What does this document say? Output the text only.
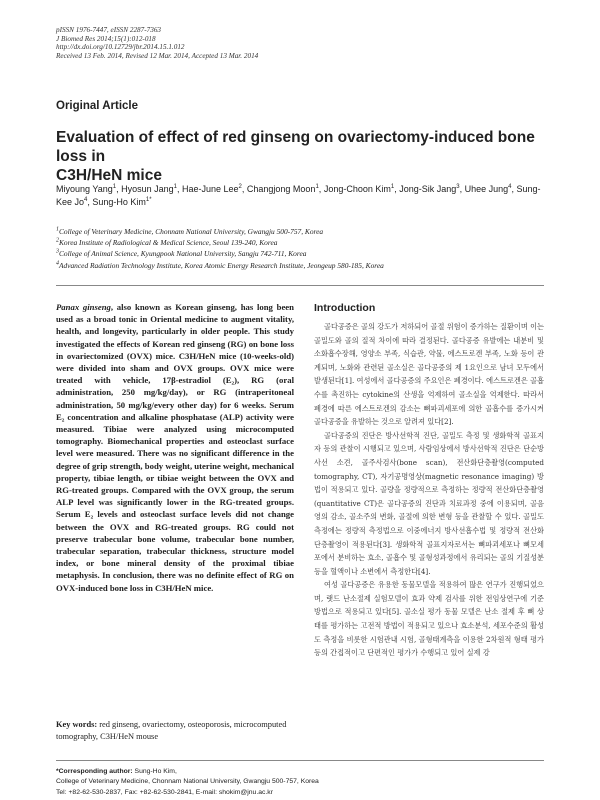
pISSN 1976-7447, eISSN 2287-7363
J Biomed Res 2014;15(1):012-018
http://dx.doi.org/10.12729/jbr.2014.15.1.012
Received 13 Feb. 2014, Revised 12 Mar. 2014, Accepted 13 Mar. 2014
Original Article
Evaluation of effect of red ginseng on ovariectomy-induced bone loss in
C3H/HeN mice
Miyoung Yang$^1$, Hyosun Jang$^1$, Hae-June Lee$^2$, Changjong Moon$^1$, Jong-Choon Kim$^1$, Jong-Sik Jang$^3$, Uhee Jung$^4$, Sung-Kee Jo$^4$, Sung-Ho Kim$^{1*}$
$^1$College of Veterinary Medicine, Chonnam National University, Gwangju 500-757, Korea
$^2$Korea Institute of Radiological & Medical Science, Seoul 139-240, Korea
$^3$College of Animal Science, Kyungpook National University, Sangju 742-711, Korea
$^4$Advanced Radiation Technology Institute, Korea Atomic Energy Research Institute, Jeongeup 580-185, Korea
Panax ginseng, also known as Korean ginseng, has long been used as a broad tonic in Oriental medicine to augment vitality, health, and longevity, particularly in older people. This study investigated the effects of Korean red ginseng (RG) on bone loss in ovariectomized (OVX) mice. C3H/HeN mice (10-weeks-old) were divided into sham and OVX groups. OVX mice were treated with vehicle, 17β-estradiol (E₂), RG (oral administration, 250 mg/kg/day), or RG (intraperitoneal administration, 50 mg/kg/every other day) for 6 weeks. Serum E₂ concentration and alkaline phosphatase (ALP) activity were measured. Tibiae were analyzed using microcomputed tomography. Biomechanical properties and osteoclast surface level were measured. There was no significant difference in the degree of grip strength, body weight, uterine weight, mechanical property, tibiae length, or tibiae weight between the OVX and RG-treated groups. Compared with the OVX group, the serum ALP level was significantly lower in the RG-treated groups. Serum E₂ levels and osteoclast surface levels did not change between the OVX and RG-treated groups. RG could not preserve trabecular bone volume, trabecular bone number, trabecular separation, trabecular thickness, structure model index, or bone mineral density of the proximal tibiae metaphysis. In conclusion, there was no definite effect of RG on OVX-induced bone loss in C3H/HeN mice.
Key words: red ginseng, ovariectomy, osteoporosis, microcomputed tomography, C3H/HeN mouse
Introduction

골다공증은 골의 강도가 저하되어 골절 위험이 증가하는 질환이며 이는 골밀도와 골의 질적 차이에 따라 결정된다. 골다공증 유발에는 내분비 및 소화흡수장해, 영양소 부족, 식습관, 약물, 에스트로겐 부족, 노화 등이 관계되며, 노화와 관련된 골소실은 골다공증의 제 1요인으로 남녀 모두에서 발생된다[1]. 여성에서 골다공증의 주요인은 폐경이다. 에스트로겐은 골흡수를 촉진하는 cytokine의 산생을 억제하여 골소실을 억제한다. 따라서 폐경에 따른 에스트로겐의 감소는 뼈파괴세포에 의한 골흡수를 증가시켜 골다공증을 유발하는 것으로 알려져 있다[2].

골다공증의 진단은 방사선학적 진단, 골밀도 측정 및 생화학적 골표지자 등의 관찰이 시행되고 있으며, 사람임상에서 방사선학적 진단은 단순방사선 소견, 골주사검사(bone scan), 전산화단층촬영(computed tomography, CT), 자기공명영상(magnetic resonance imaging) 방법이 적용되고 있다. 골량을 정량적으로 측정하는 정량적 전산화단층촬영(quantitative CT)은 골다공증의 진단과 치료과정 중에 이용되며, 골음영의 감소, 골소주의 변화, 골절에 의한 변형 등을 관찰할 수 있다. 골밀도 측정에는 정량적 측정법으로 이중에너지 방사선흡수법 및 정량적 전산화단층촬영이 적용된다[3]. 생화학적 골표지자로서는 뼈파괴세포나 뼈모세포에서 분비하는 효소, 골흡수 및 골형성과정에서 유리되는 골의 기질성분 등을 혈액이나 소변에서 측정한다[4].

여성 골다공증은 유용한 동물모델을 적용하여 많은 연구가 진행되었으며, 랫드 난소절제 실험모델이 효과 약제 검사를 위한 전임상연구에 기준방법으로 적용되고 있다[5]. 골소실 평가 동물 모델은 난소 절제 후 뼈 상태를 평가하는 고전적 방법이 적용되고 있으나 효소분석, 세포수준의 활성도 측정을 비롯한 시험관내 시험, 골형태계측을 이용한 2차원적 형태 평가 등의 간접적이고 단편적인 평가가 수행되고 있어 실제 강

*Corresponding author: Sung-Ho Kim,
College of Veterinary Medicine, Chonnam National University, Gwangju 500-757, Korea
Tel: +82-62-530-2837, Fax: +82-62-530-2841, E-mail: shokim@jnu.ac.kr
